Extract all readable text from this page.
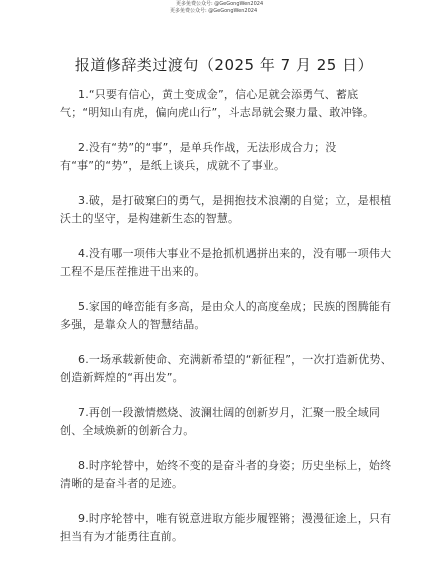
更多免费公众号: @GeGongWen2024
更多免费公众号: @GeGongWen2024
报道修辞类过渡句（2025 年 7 月 25 日）

1.“只要有信心，黄土变成金”，信心足就会添勇气、蓄底气；“明知山有虎，偏向虎山行”，斗志昂就会聚力量、敢冲锋。

2.没有“势”的“事”，是单兵作战，无法形成合力；没有“事”的“势”，是纸上谈兵，成就不了事业。

3.破，是打破窠臼的勇气，是拥抱技术浪潮的自觉；立，是根植沃土的坚守，是构建新生态的智慧。

4.没有哪一项伟大事业不是抢抓机遇拼出来的，没有哪一项伟大工程不是压茬推进干出来的。

5.家国的峰峦能有多高，是由众人的高度垒成；民族的图腾能有多强，是靠众人的智慧结晶。

6.一场承载新使命、充满新希望的“新征程”，一次打造新优势、创造新辉煌的“再出发”。

7.再创一段激情燃烧、波澜壮阔的创新岁月，汇聚一股全域同创、全域焕新的创新合力。

8.时序轮替中，始终不变的是奋斗者的身姿；历史坐标上，始终清晰的是奋斗者的足迹。

9.时序轮替中，唯有锐意进取方能步履铿锵；漫漫征途上，只有担当有为才能勇往直前。
